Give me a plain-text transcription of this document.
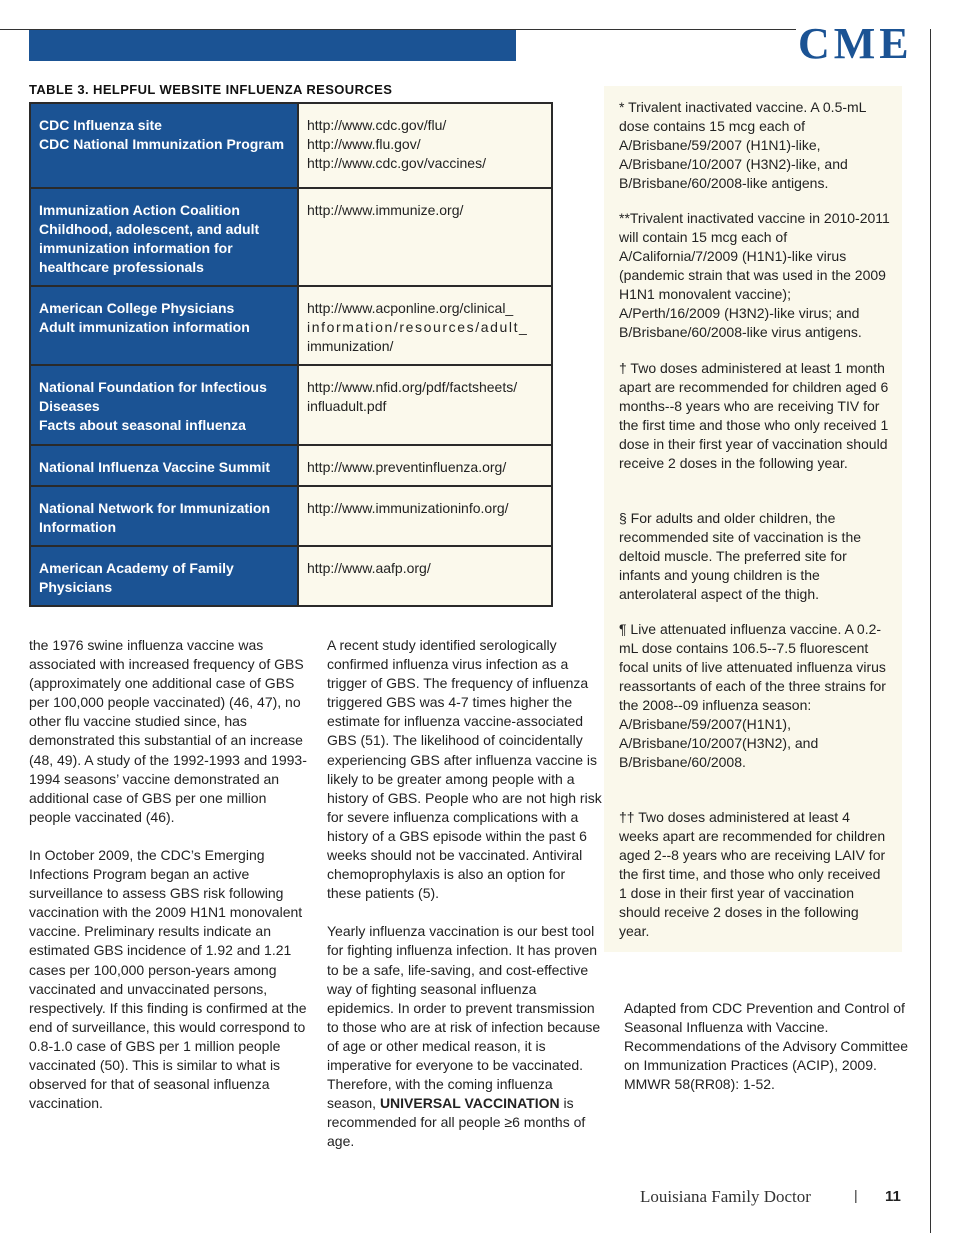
CME
TABLE 3. HELPFUL WEBSITE INFLUENZA RESOURCES
CDC Influenza site
CDC National Immunization Program	http://www.cdc.gov/flu/
http://www.flu.gov/
http://www.cdc.gov/vaccines/

Immunization Action Coalition
Childhood, adolescent, and adult immunization information for healthcare professionals	http://www.immunize.org/

American College Physicians
Adult immunization information	http://www.acponline.org/clinical_
information/resources/adult_
immunization/

National Foundation for Infectious Diseases
Facts about seasonal influenza	http://www.nfid.org/pdf/factsheets/
influadult.pdf

National Influenza Vaccine Summit	http://www.preventinfluenza.org/

National Network for Immunization Information	http://www.immunizationinfo.org/

American Academy of Family Physicians	http://www.aafp.org/

* Trivalent inactivated vaccine. A 0.5-mL dose contains 15 mcg each of A/Brisbane/59/2007 (H1N1)-like, A/Brisbane/10/2007 (H3N2)-like, and B/Brisbane/60/2008-like antigens.

**Trivalent inactivated vaccine in 2010-2011 will contain 15 mcg each of A/California/7/2009 (H1N1)-like virus (pandemic strain that was used in the 2009 H1N1 monovalent vaccine); A/Perth/16/2009 (H3N2)-like virus; and B/Brisbane/60/2008-like virus antigens.

† Two doses administered at least 1 month apart are recommended for children aged 6 months--8 years who are receiving TIV for the first time and those who only received 1 dose in their first year of vaccination should receive 2 doses in the following year.

§ For adults and older children, the recommended site of vaccination is the deltoid muscle. The preferred site for infants and young children is the anterolateral aspect of the thigh.

¶ Live attenuated influenza vaccine. A 0.2-mL dose contains 106.5--7.5 fluorescent focal units of live attenuated influenza virus reassortants of each of the three strains for the 2008--09 influenza season: A/Brisbane/59/2007(H1N1), A/Brisbane/10/2007(H3N2), and B/Brisbane/60/2008.

†† Two doses administered at least 4 weeks apart are recommended for children aged 2--8 years who are receiving LAIV for the first time, and those who only received 1 dose in their first year of vaccination should receive 2 doses in the following year.

Adapted from CDC Prevention and Control of Seasonal Influenza with Vaccine. Recommendations of the Advisory Committee on Immunization Practices (ACIP), 2009. MMWR 58(RR08): 1-52.

the 1976 swine influenza vaccine was associated with increased frequency of GBS (approximately one additional case of GBS per 100,000 people vaccinated) (46, 47), no other flu vaccine studied since, has demonstrated this substantial of an increase (48, 49). A study of the 1992-1993 and 1993-1994 seasons’ vaccine demonstrated an additional case of GBS per one million people vaccinated (46).

In October 2009, the CDC’s Emerging Infections Program began an active surveillance to assess GBS risk following vaccination with the 2009 H1N1 monovalent vaccine. Preliminary results indicate an estimated GBS incidence of 1.92 and 1.21 cases per 100,000 person-years among vaccinated and unvaccinated persons, respectively. If this finding is confirmed at the end of surveillance, this would correspond to 0.8-1.0 case of GBS per 1 million people vaccinated (50). This is similar to what is observed for that of seasonal influenza vaccination.

A recent study identified serologically confirmed influenza virus infection as a trigger of GBS. The frequency of influenza triggered GBS was 4-7 times higher the estimate for influenza vaccine-associated GBS (51). The likelihood of coincidentally experiencing GBS after influenza vaccine is likely to be greater among people with a history of GBS. People who are not high risk for severe influenza complications with a history of a GBS episode within the past 6 weeks should not be vaccinated. Antiviral chemoprophylaxis is also an option for these patients (5).

Yearly influenza vaccination is our best tool for fighting influenza infection. It has proven to be a safe, life-saving, and cost-effective way of fighting seasonal influenza epidemics. In order to prevent transmission to those who are at risk of infection because of age or other medical reason, it is imperative for everyone to be vaccinated. Therefore, with the coming influenza season, UNIVERSAL VACCINATION is recommended for all people ≥6 months of age.

Louisiana Family Doctor	| 11
